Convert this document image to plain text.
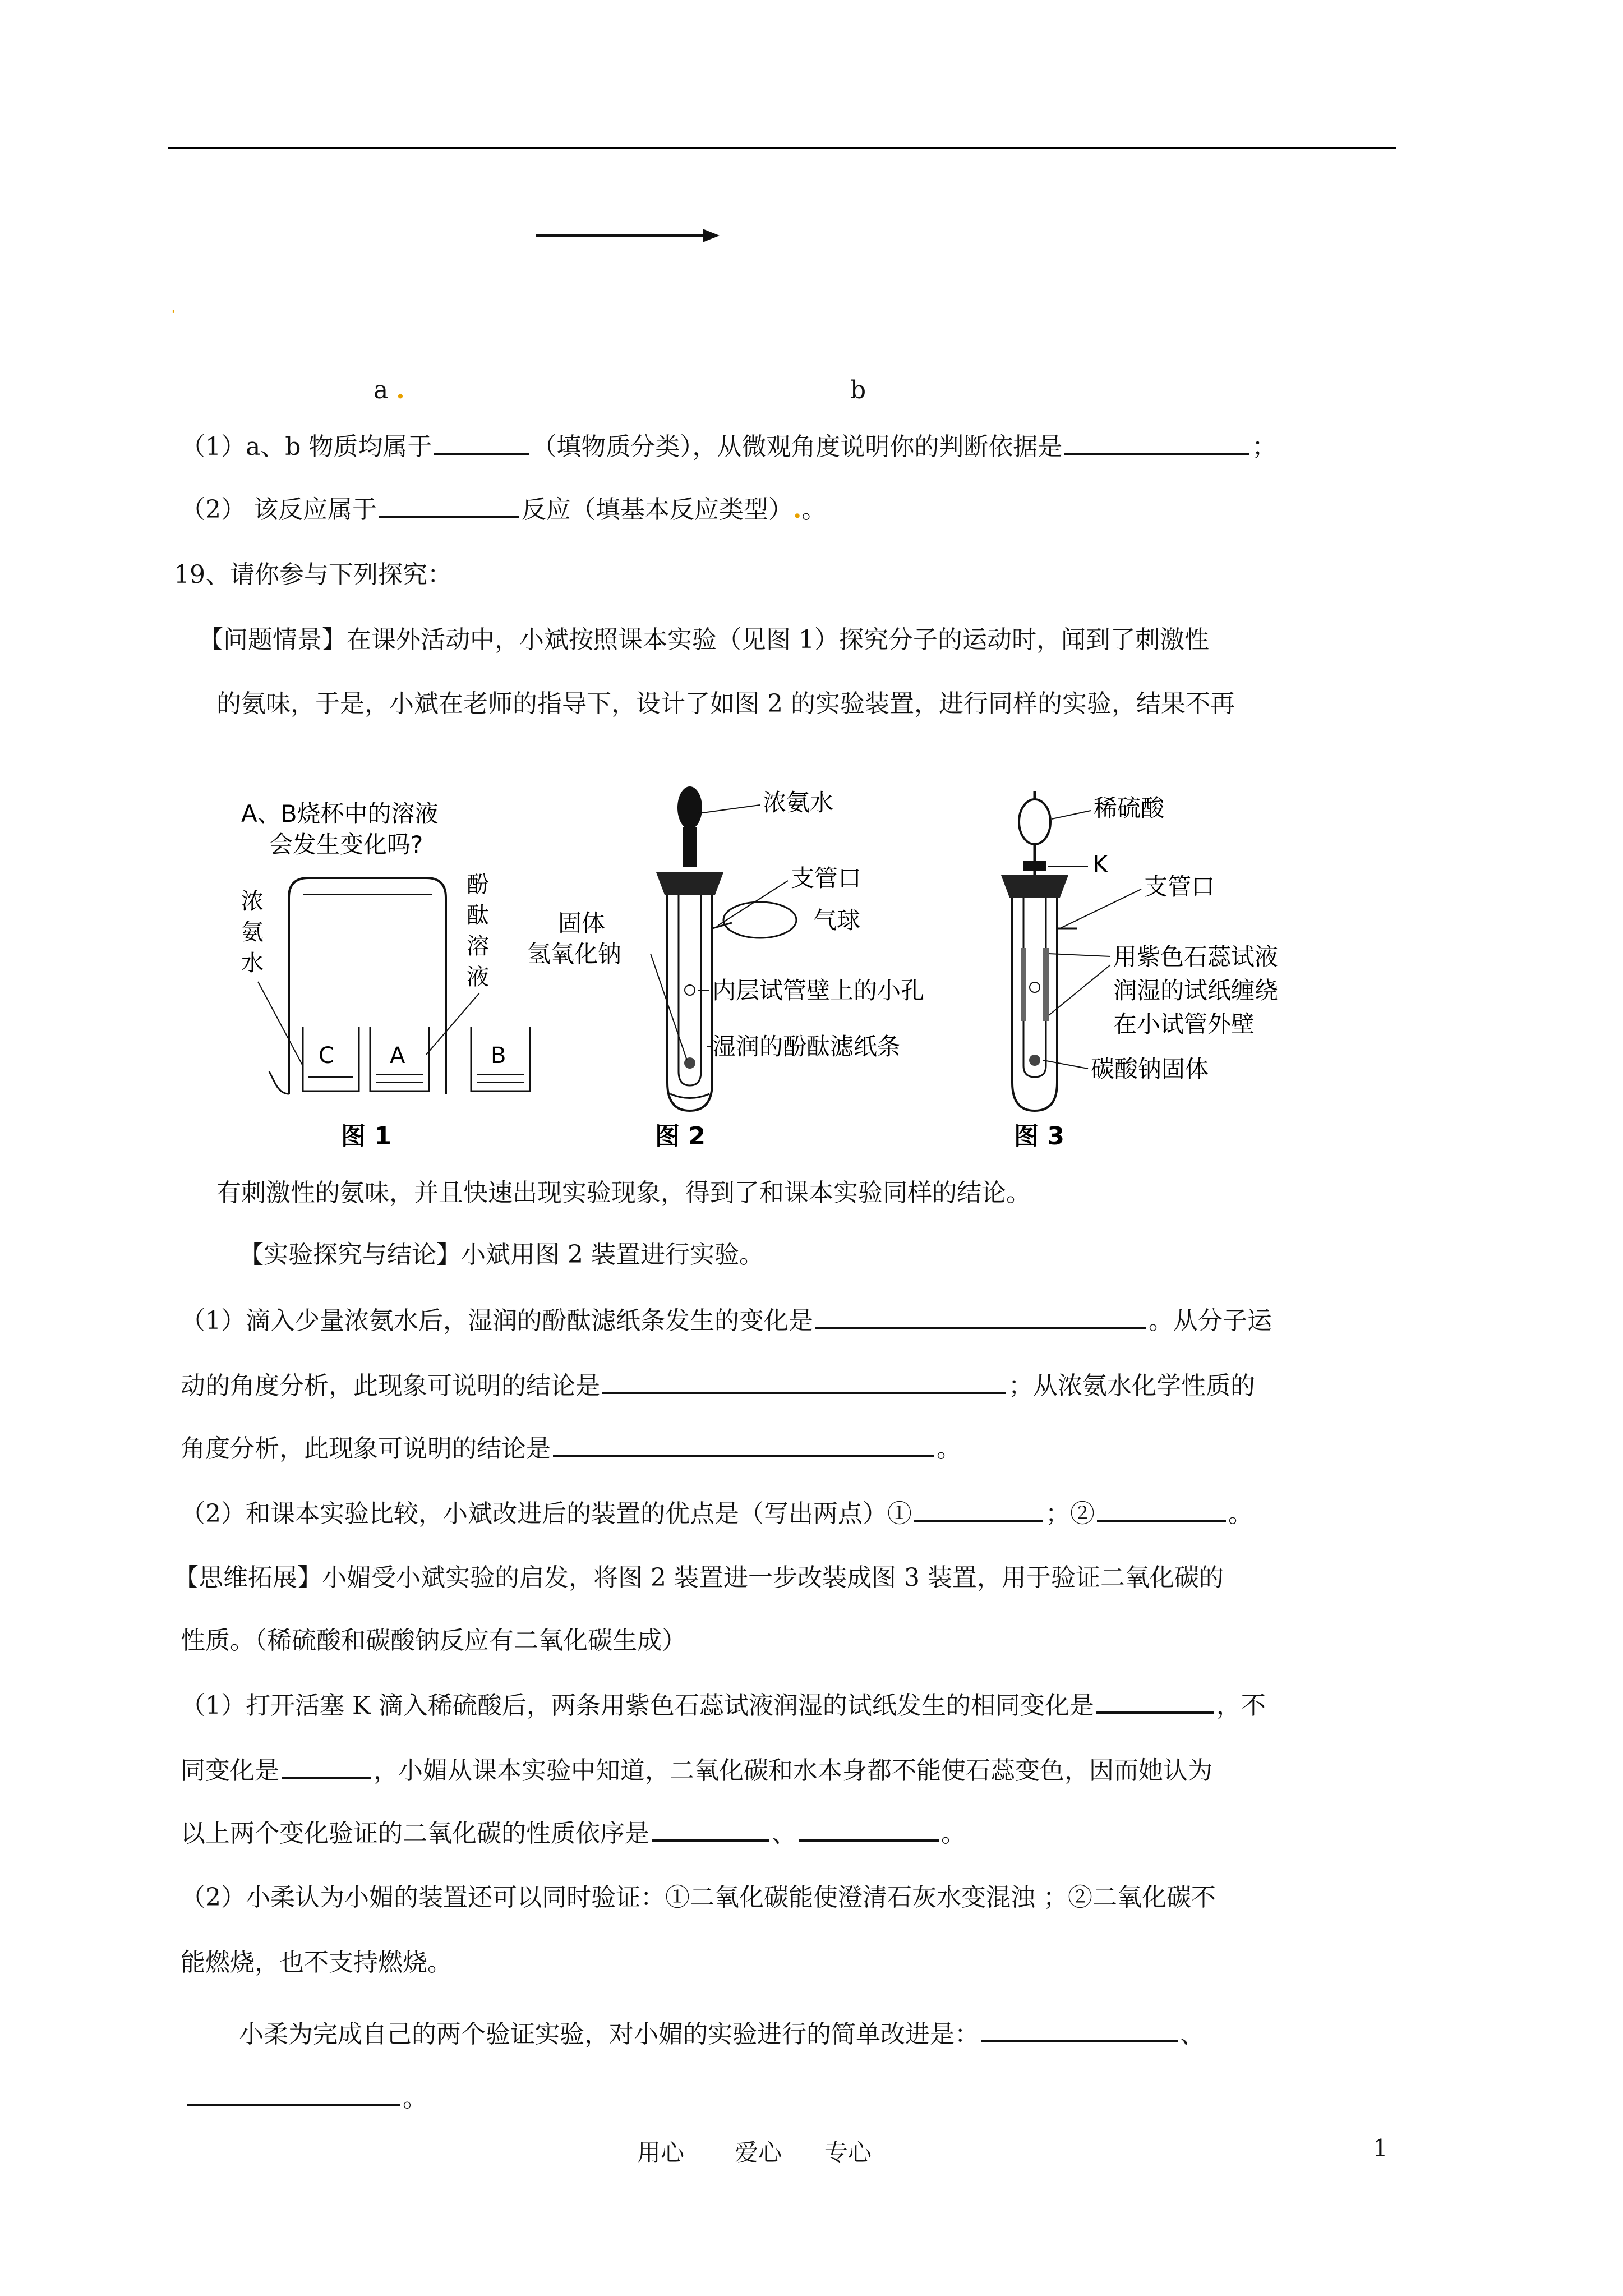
'
a .	b
（1）a、b 物质均属于	（填物质分类），从微观角度说明你的判断依据是	；
（2） 该反应属于	反应（填基本反应类型）.。
19、请你参与下列探究：
【问题情景】在课外活动中，小斌按照课本实验（见图 1）探究分子的运动时，闻到了刺激性
的氨味，于是，小斌在老师的指导下，设计了如图 2 的实验装置，进行同样的实验，结果不再
A、B烧杯中的溶液
会发生变化吗?
浓
氨
水
酚
酞
溶
液
C A	B
图 1
浓氨水
支管口
气球
固体
氢氧化钠
内层试管壁上的小孔
湿润的酚酞滤纸条
图 2
稀硫酸
K
支管口
用紫色石蕊试液
润湿的试纸缠绕
在小试管外壁
碳酸钠固体
图 3
有刺激性的氨味，并且快速出现实验现象，得到了和课本实验同样的结论。
【实验探究与结论】小斌用图 2 装置进行实验。
（1）滴入少量浓氨水后，湿润的酚酞滤纸条发生的变化是	。从分子运
动的角度分析，此现象可说明的结论是	；从浓氨水化学性质的
角度分析，此现象可说明的结论是	。
（2）和课本实验比较，小斌改进后的装置的优点是（写出两点）①	；②	。
【思维拓展】小媚受小斌实验的启发，将图 2 装置进一步改装成图 3 装置，用于验证二氧化碳的
性质。（稀硫酸和碳酸钠反应有二氧化碳生成）
（1）打开活塞 K 滴入稀硫酸后，两条用紫色石蕊试液润湿的试纸发生的相同变化是	，不
同变化是	，小媚从课本实验中知道，二氧化碳和水本身都不能使石蕊变色，因而她认为
以上两个变化验证的二氧化碳的性质依序是	、	。
（2）小柔认为小媚的装置还可以同时验证：①二氧化碳能使澄清石灰水变混浊 ；②二氧化碳不
能燃烧，也不支持燃烧。
小柔为完成自己的两个验证实验，对小媚的实验进行的简单改进是：	、
。
用心 爱心 专心	1
